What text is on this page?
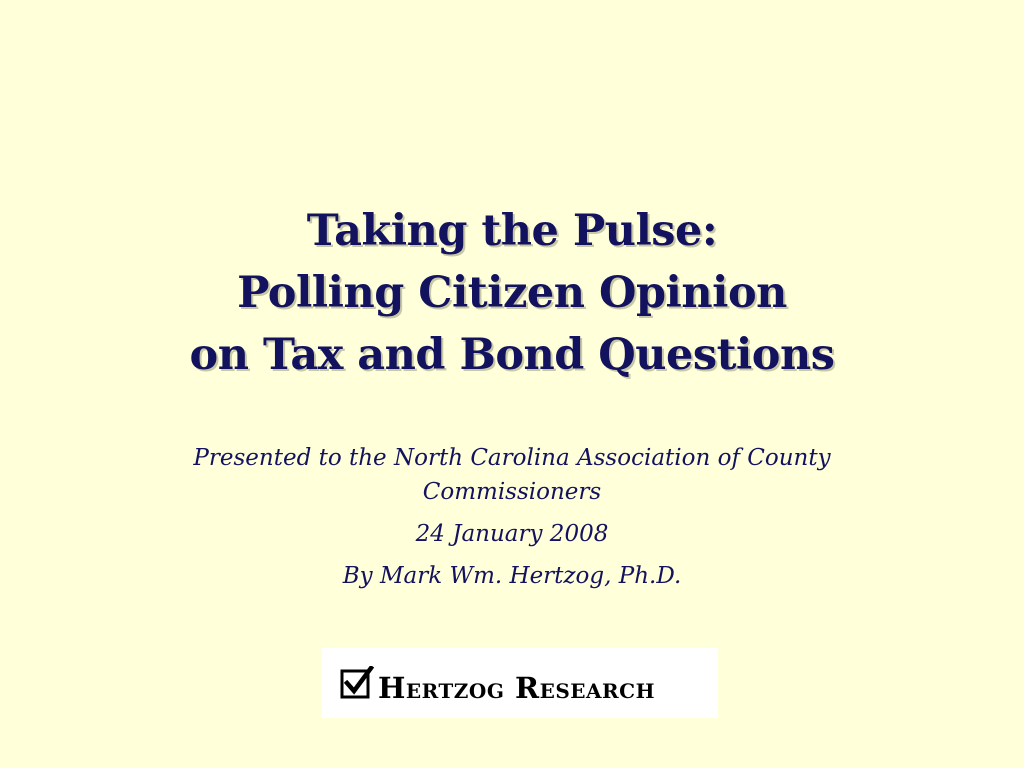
Taking the Pulse:
Polling Citizen Opinion
on Tax and Bond Questions
Presented to the North Carolina Association of County Commissioners
24 January 2008
By Mark Wm. Hertzog, Ph.D.
Hertzog Research
